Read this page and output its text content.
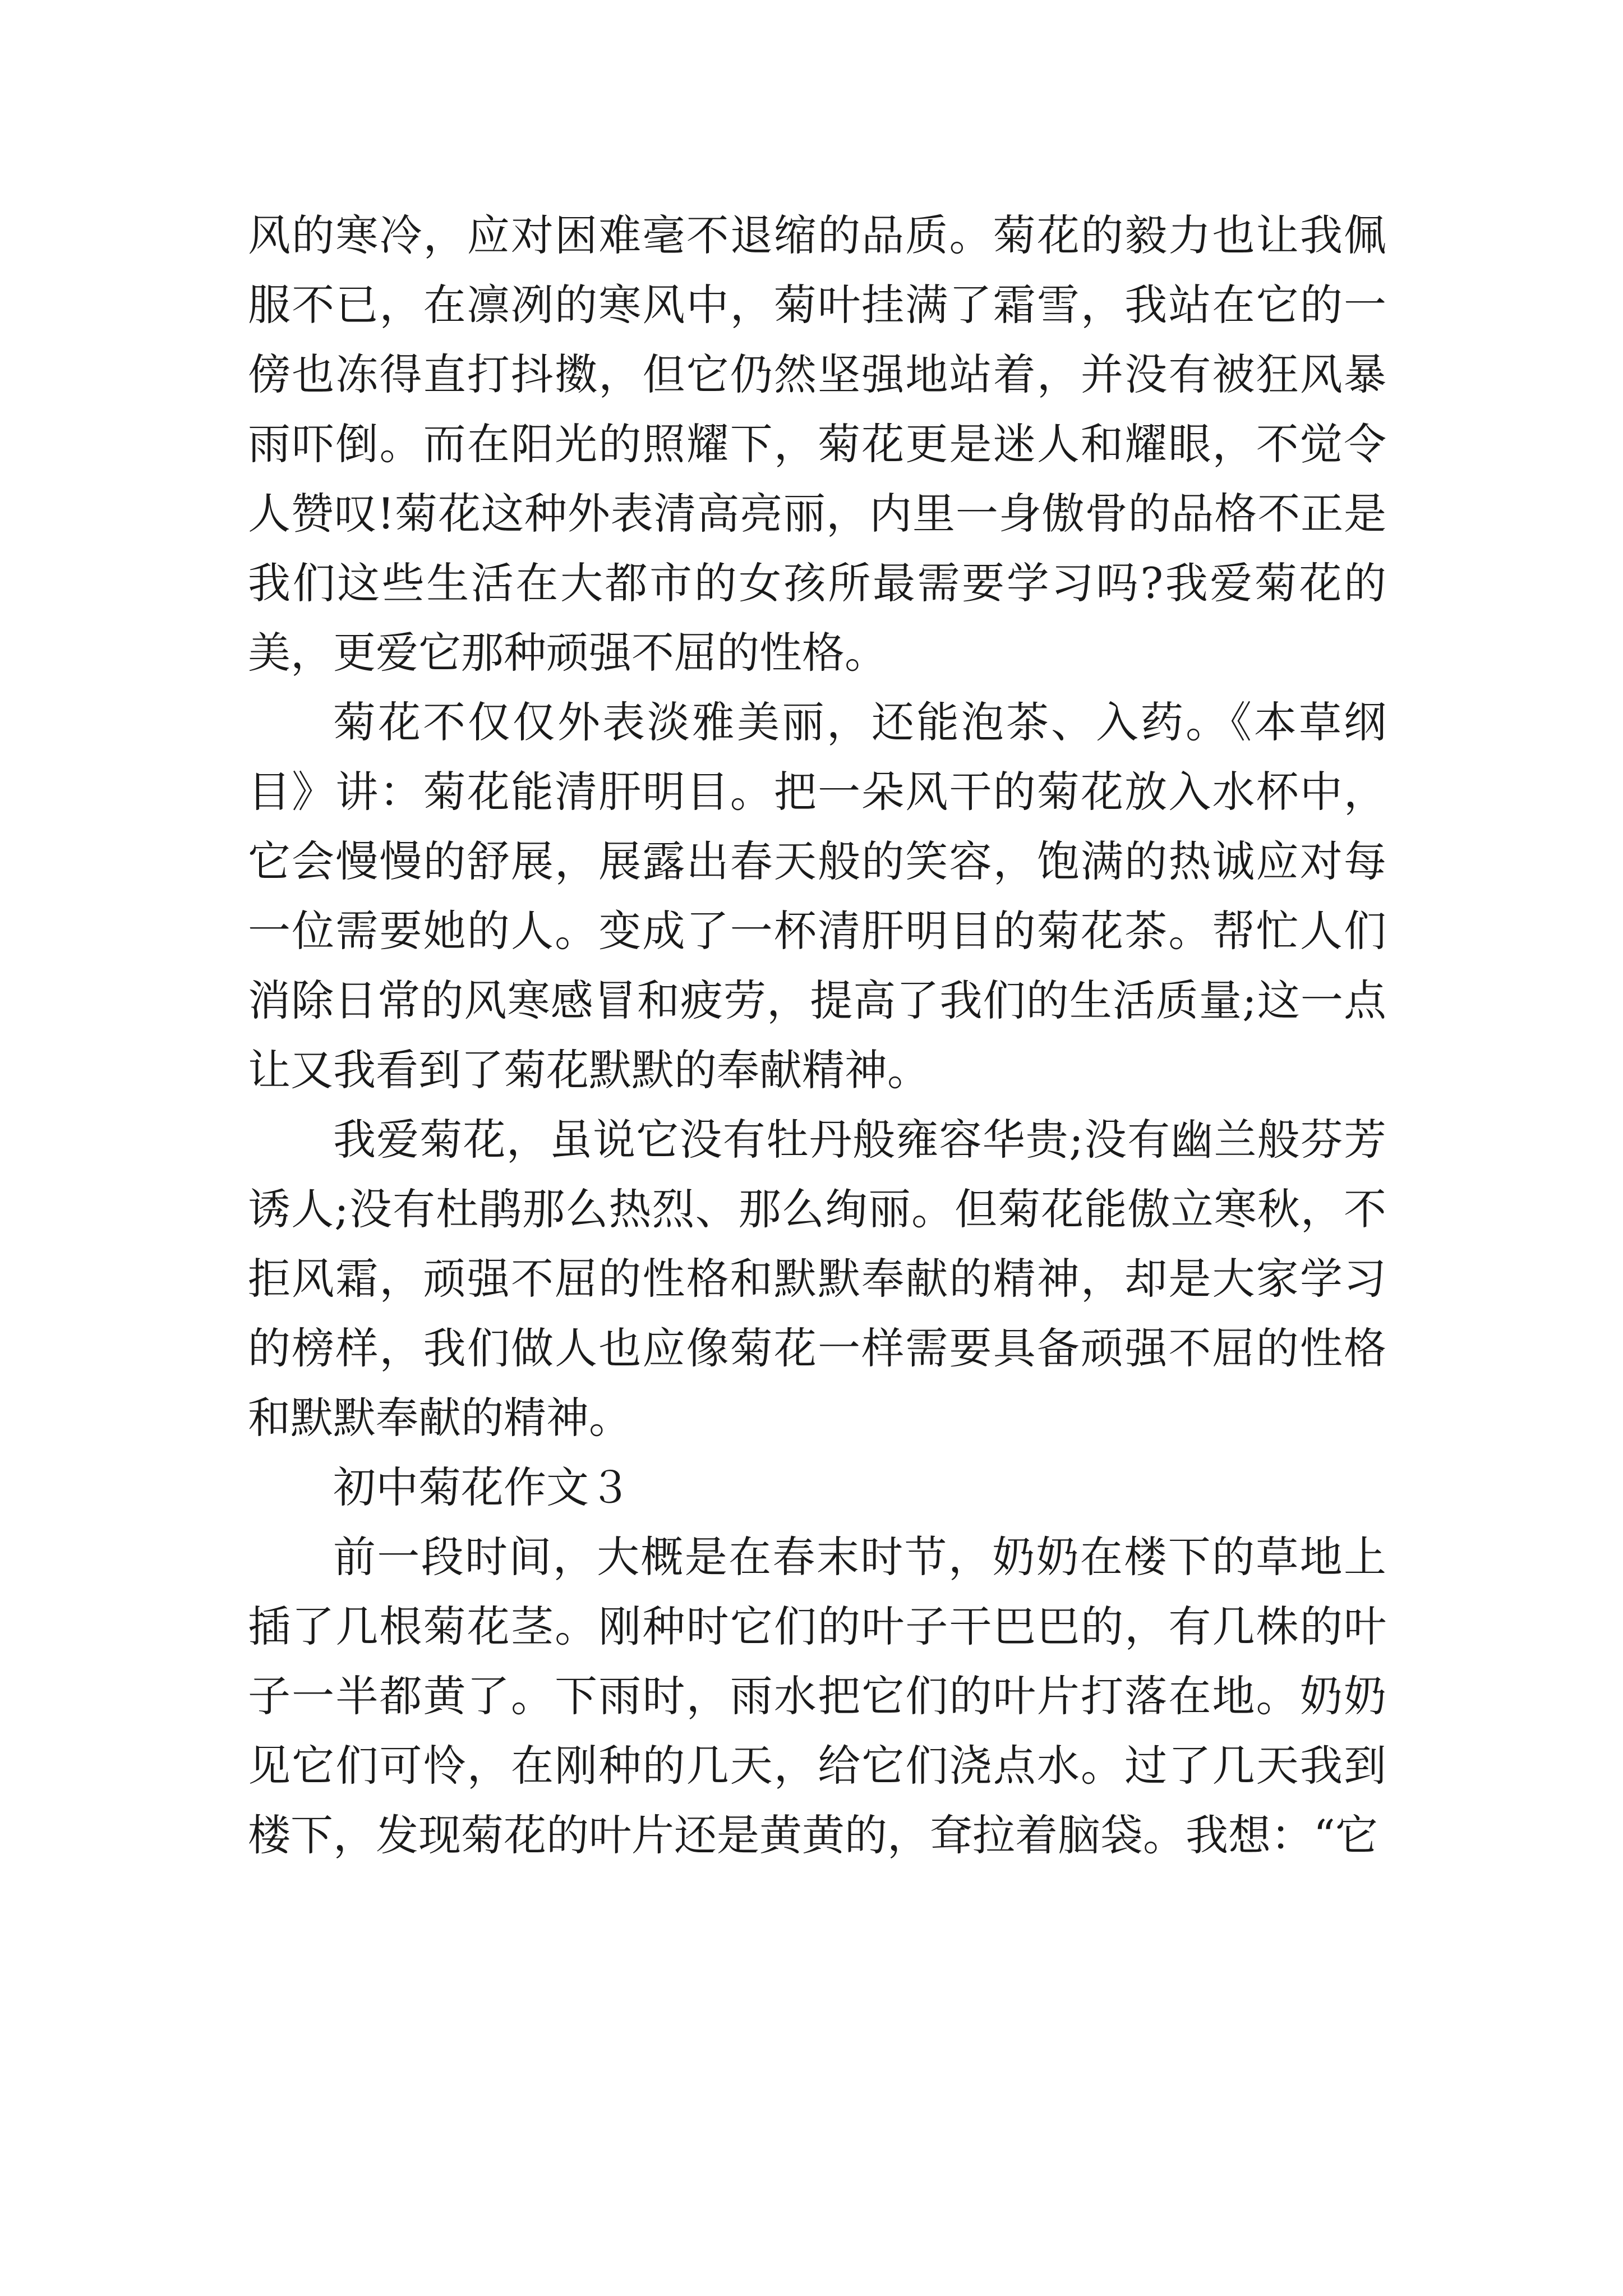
风的寒冷，应对困难毫不退缩的品质。菊花的毅力也让我佩服不已，在凛冽的寒风中，菊叶挂满了霜雪，我站在它的一傍也冻得直打抖擞，但它仍然坚强地站着，并没有被狂风暴雨吓倒。而在阳光的照耀下，菊花更是迷人和耀眼，不觉令人赞叹!菊花这种外表清高亮丽，内里一身傲骨的品格不正是我们这些生活在大都市的女孩所最需要学习吗?我爱菊花的美，更爱它那种顽强不屈的性格。

菊花不仅仅外表淡雅美丽，还能泡茶、入药。《本草纲目》讲：菊花能清肝明目。把一朵风干的菊花放入水杯中，它会慢慢的舒展，展露出春天般的笑容，饱满的热诚应对每一位需要她的人。变成了一杯清肝明目的菊花茶。帮忙人们消除日常的风寒感冒和疲劳，提高了我们的生活质量;这一点让又我看到了菊花默默的奉献精神。

我爱菊花，虽说它没有牡丹般雍容华贵;没有幽兰般芬芳诱人;没有杜鹃那么热烈、那么绚丽。但菊花能傲立寒秋，不拒风霜，顽强不屈的性格和默默奉献的精神，却是大家学习的榜样，我们做人也应像菊花一样需要具备顽强不屈的性格和默默奉献的精神。

初中菊花作文３

前一段时间，大概是在春末时节，奶奶在楼下的草地上插了几根菊花茎。刚种时它们的叶子干巴巴的，有几株的叶子一半都黄了。下雨时，雨水把它们的叶片打落在地。奶奶见它们可怜，在刚种的几天，给它们浇点水。过了几天我到楼下，发现菊花的叶片还是黄黄的，耷拉着脑袋。我想：“它
